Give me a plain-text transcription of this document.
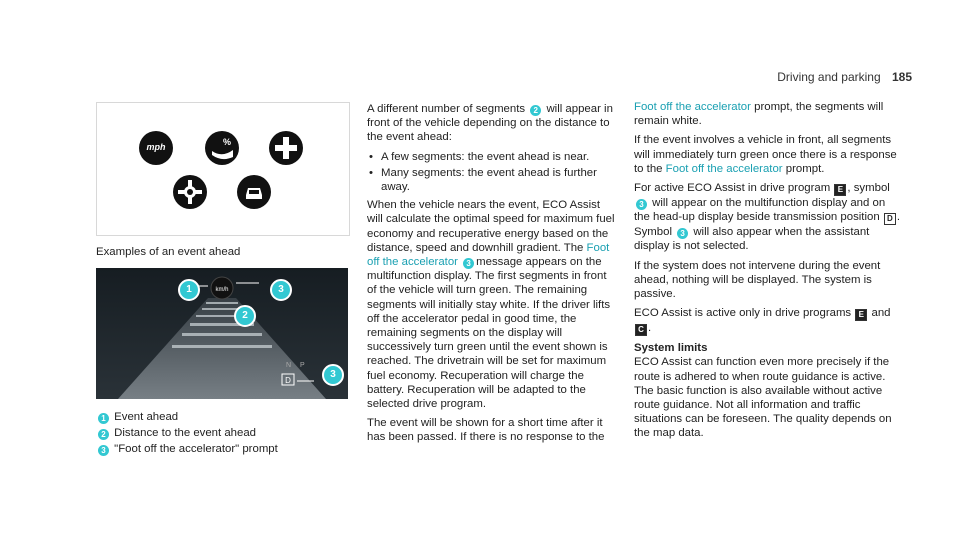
Driving and parking 185
mph	%
Examples of an event ahead
km/h
N P
D
1	3
2
3
1 Event ahead
2 Distance to the event ahead
3 "Foot off the accelerator" prompt

A different number of segments 2 will appear in front of the vehicle depending on the distance to the event ahead:

• A few segments: the event ahead is near.
• Many segments: the event ahead is further away.

When the vehicle nears the event, ECO Assist will calculate the optimal speed for maximum fuel economy and recuperative energy based on the distance, speed and downhill gradient. The Foot off the accelerator 3 message appears on the multifunction display. The first segments in front of the vehicle will turn green. The remaining segments will initially stay white. If the driver lifts off the accelerator pedal in good time, the remaining segments on the display will successively turn green until the event shown is reached. The drivetrain will be set for maximum fuel economy. Recuperation will charge the battery. Recuperation will be adapted to the selected drive program.

The event will be shown for a short time after it has been passed. If there is no response to the

Foot off the accelerator prompt, the segments will remain white.

If the event involves a vehicle in front, all segments will immediately turn green once there is a response to the Foot off the accelerator prompt.

For active ECO Assist in drive program E , symbol 3 will appear on the multifunction display and on the head-up display beside transmission position D . Symbol 3 will also appear when the assistant display is not selected.

If the system does not intervene during the event ahead, nothing will be displayed. The system is passive.

ECO Assist is active only in drive programs E and C .

System limits

ECO Assist can function even more precisely if the route is adhered to when route guidance is active. The basic function is also available without active route guidance. Not all information and traffic situations can be foreseen. The quality depends on the map data.
